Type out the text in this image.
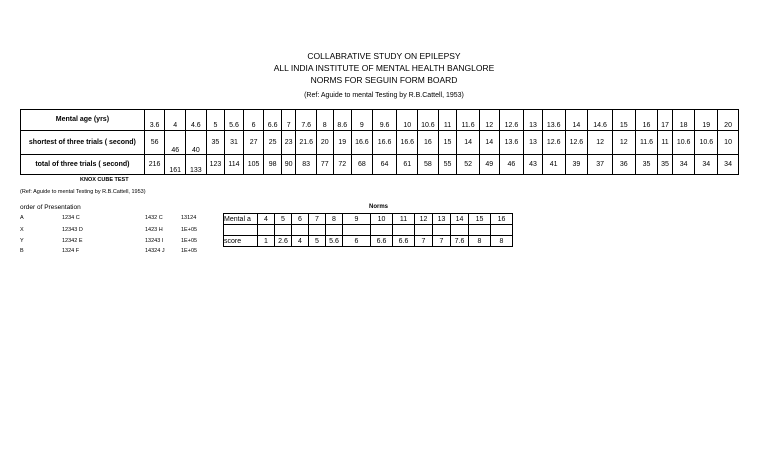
COLLABRATIVE STUDY ON EPILEPSY
ALL INDIA INSTITUTE OF MENTAL HEALTH BANGLORE
NORMS FOR SEGUIN FORM BOARD
(Ref: Aguide to mental Testing by R.B.Cattell, 1953)
Mental age (yrs)	3.6	4	4.6	5	5.6	6	6.6	7	7.6	8	8.6	9	9.6	10	10.6	11	11.6	12	12.6	13	13.6	14	14.6	15	16	17	18	19	20
shortest of three trials ( second)	56	46	40	35	31	27	25	23	21.6	20	19	16.6	16.6	16.6	16	15	14	14	13.6	13	12.6	12.6	12	12	11.6	11	10.6	10.6	10
total of three trials ( second)	216	161	133	123	114	105	98	90	83	77	72	68	64	61	58	55	52	49	46	43	41	39	37	36	35	35	34	34	34
KNOX CUBE TEST
(Ref: Aguide to mental Testing by R.B.Cattell, 1953)
order of Presentation
A	1234 C	1432 C	13124
X	12343 D	1423 H	1E+05
Y	12342 E	13243 I	1E+05
B	1324 F	14324 J	1E+05
Norms
Mental a	4	5	6	7	8	9	10	11	12	13	14	15	16

score	1	2.6	4	5	5.6	6	6.6	6.6	7	7	7.6	8	8
